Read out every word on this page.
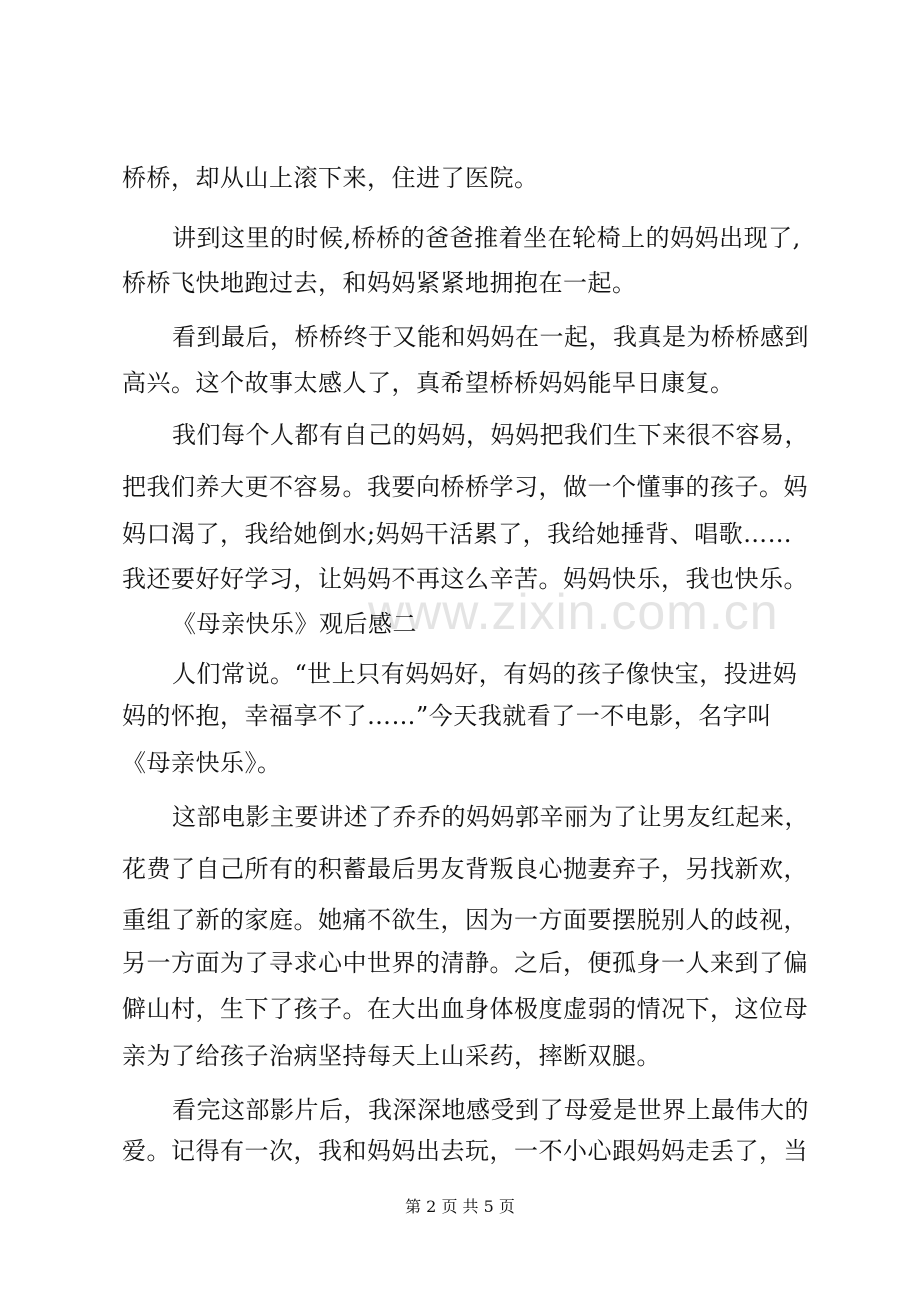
桥桥，却从山上滚下来，住进了医院。
讲到这里的时候,桥桥的爸爸推着坐在轮椅上的妈妈出现了,
桥桥飞快地跑过去，和妈妈紧紧地拥抱在一起。
看到最后，桥桥终于又能和妈妈在一起，我真是为桥桥感到
高兴。这个故事太感人了，真希望桥桥妈妈能早日康复。
我们每个人都有自己的妈妈，妈妈把我们生下来很不容易，
把我们养大更不容易。我要向桥桥学习，做一个懂事的孩子。妈
妈口渴了，我给她倒水;妈妈干活累了，我给她捶背、唱歌……
我还要好好学习，让妈妈不再这么辛苦。妈妈快乐，我也快乐。
www.zixin.com.cn
《母亲快乐》观后感二
人们常说。“世上只有妈妈好，有妈的孩子像快宝，投进妈
妈的怀抱，幸福享不了……”今天我就看了一不电影，名字叫
《母亲快乐》。
这部电影主要讲述了乔乔的妈妈郭辛丽为了让男友红起来，
花费了自己所有的积蓄最后男友背叛良心抛妻弃子，另找新欢，
重组了新的家庭。她痛不欲生，因为一方面要摆脱别人的歧视，
另一方面为了寻求心中世界的清静。之后，便孤身一人来到了偏
僻山村，生下了孩子。在大出血身体极度虚弱的情况下，这位母
亲为了给孩子治病坚持每天上山采药，摔断双腿。
看完这部影片后，我深深地感受到了母爱是世界上最伟大的
爱。记得有一次，我和妈妈出去玩，一不小心跟妈妈走丢了，当
第 2 页 共 5 页
